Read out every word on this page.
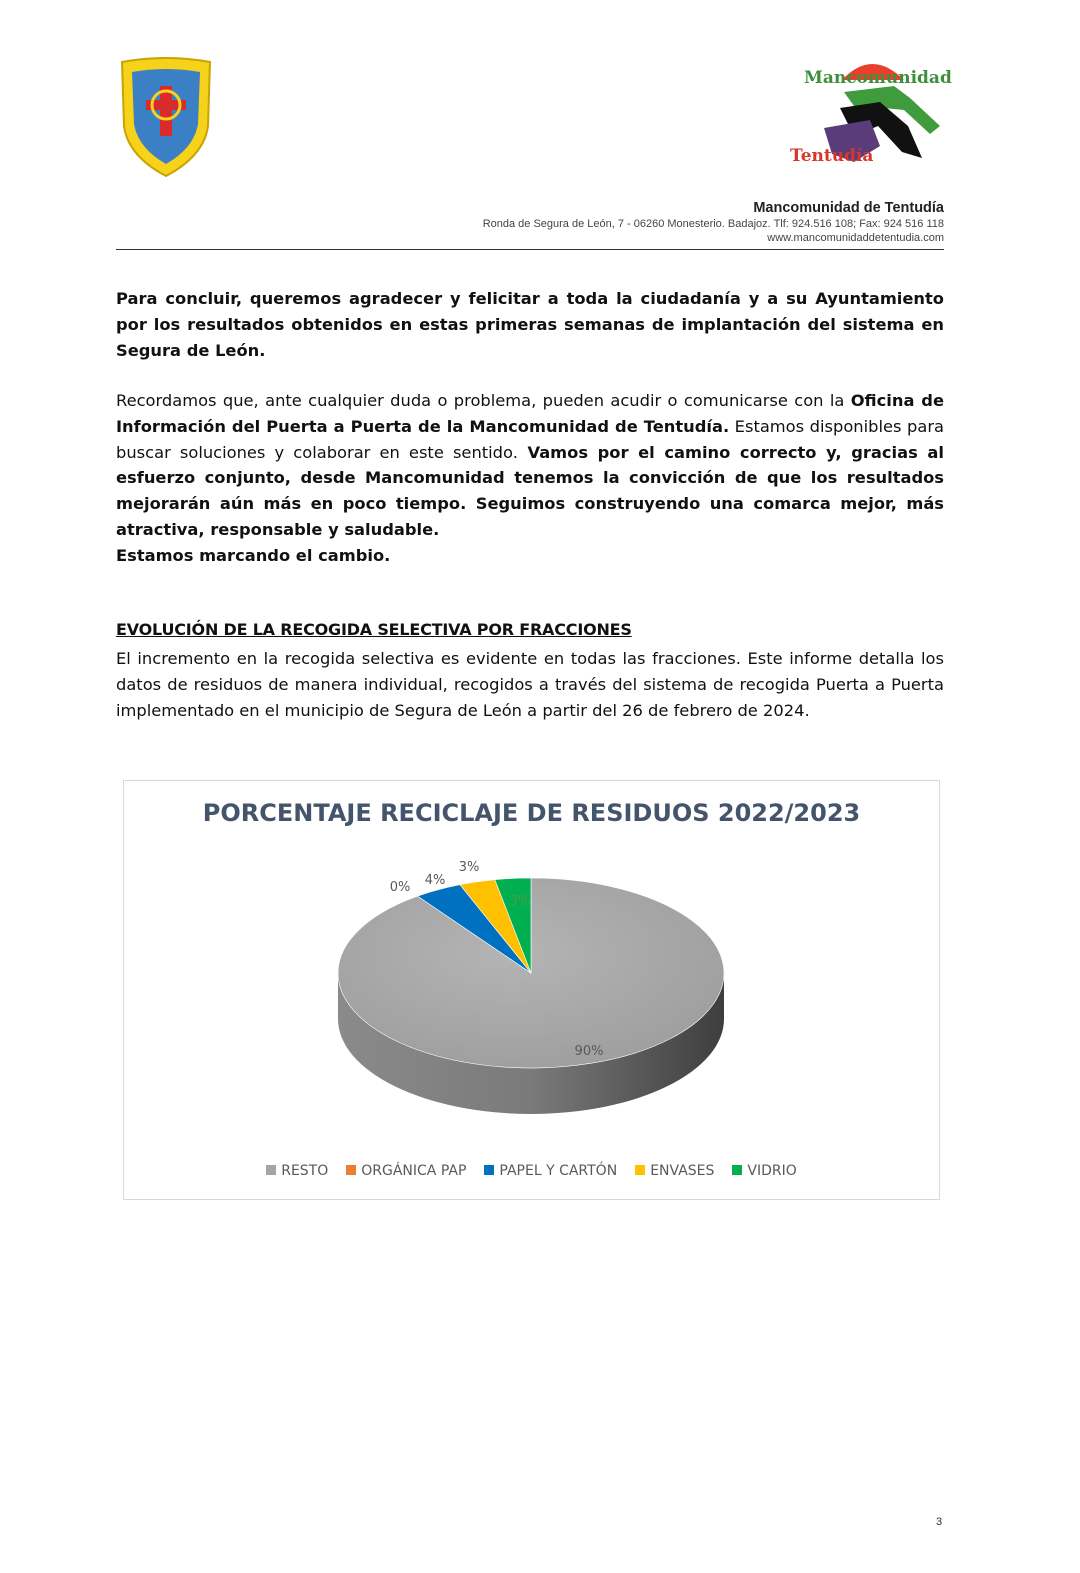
Mancomunidad
Tentudía
Mancomunidad de Tentudía
Ronda de Segura de León, 7 - 06260 Monesterio. Badajoz. Tlf: 924.516 108; Fax: 924 516 118
www.mancomunidaddetentudia.com
Para concluir, queremos agradecer y felicitar a toda la ciudadanía y a su Ayuntamiento por los resultados obtenidos en estas primeras semanas de implantación del sistema en Segura de León.
Recordamos que, ante cualquier duda o problema, pueden acudir o comunicarse con la Oficina de Información del Puerta a Puerta de la Mancomunidad de Tentudía. Estamos disponibles para buscar soluciones y colaborar en este sentido. Vamos por el camino correcto y, gracias al esfuerzo conjunto, desde Mancomunidad tenemos la convicción de que los resultados mejorarán aún más en poco tiempo. Seguimos construyendo una comarca mejor, más atractiva, responsable y saludable.
Estamos marcando el cambio.
EVOLUCIÓN DE LA RECOGIDA SELECTIVA POR FRACCIONES
El incremento en la recogida selectiva es evidente en todas las fracciones. Este informe detalla los datos de residuos de manera individual, recogidos a través del sistema de recogida Puerta a Puerta implementado en el municipio de Segura de León a partir del 26 de febrero de 2024.
90%
0% 4%
3%
3%
PORCENTAJE RECICLAJE DE RESIDUOS 2022/2023
RESTO ORGÁNICA PAP PAPEL Y CARTÓN ENVASES VIDRIO
3
